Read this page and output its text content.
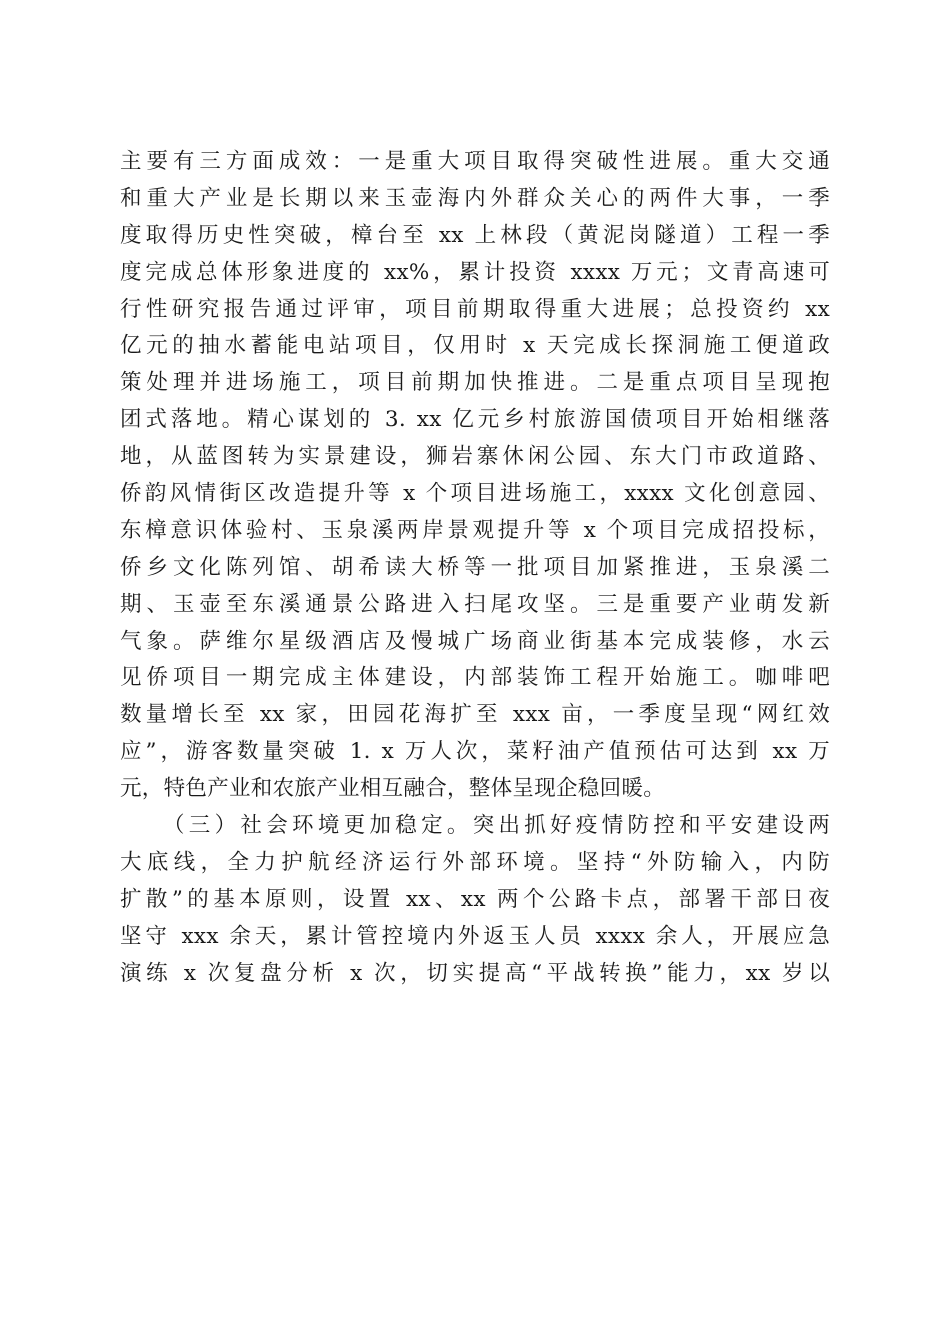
主要有三方面成效：一是重大项目取得突破性进展。重大交通
和重大产业是长期以来玉壶海内外群众关心的两件大事，一季
度取得历史性突破，樟台至 xx 上林段（黄泥岗隧道）工程一季
度完成总体形象进度的 xx%，累计投资 xxxx 万元；文青高速可
行性研究报告通过评审，项目前期取得重大进展；总投资约 xx
亿元的抽水蓄能电站项目，仅用时 x 天完成长探洞施工便道政
策处理并进场施工，项目前期加快推进。二是重点项目呈现抱
团式落地。精心谋划的 3. xx 亿元乡村旅游国债项目开始相继落
地，从蓝图转为实景建设，狮岩寨休闲公园、东大门市政道路、
侨韵风情街区改造提升等 x 个项目进场施工，xxxx 文化创意园、
东樟意识体验村、玉泉溪两岸景观提升等 x 个项目完成招投标，
侨乡文化陈列馆、胡希读大桥等一批项目加紧推进，玉泉溪二
期、玉壶至东溪通景公路进入扫尾攻坚。三是重要产业萌发新
气象。萨维尔星级酒店及慢城广场商业街基本完成装修，水云
见侨项目一期完成主体建设，内部装饰工程开始施工。咖啡吧
数量增长至 xx 家，田园花海扩至 xxx 亩，一季度呈现“网红效
应”，游客数量突破 1. x 万人次，菜籽油产值预估可达到 xx 万
元，特色产业和农旅产业相互融合，整体呈现企稳回暖。
（三）社会环境更加稳定。突出抓好疫情防控和平安建设两
大底线，全力护航经济运行外部环境。坚持“外防输入，内防
扩散”的基本原则，设置 xx、xx 两个公路卡点，部署干部日夜
坚守 xxx 余天，累计管控境内外返玉人员 xxxx 余人，开展应急
演练 x 次复盘分析 x 次，切实提高“平战转换”能力，xx 岁以
